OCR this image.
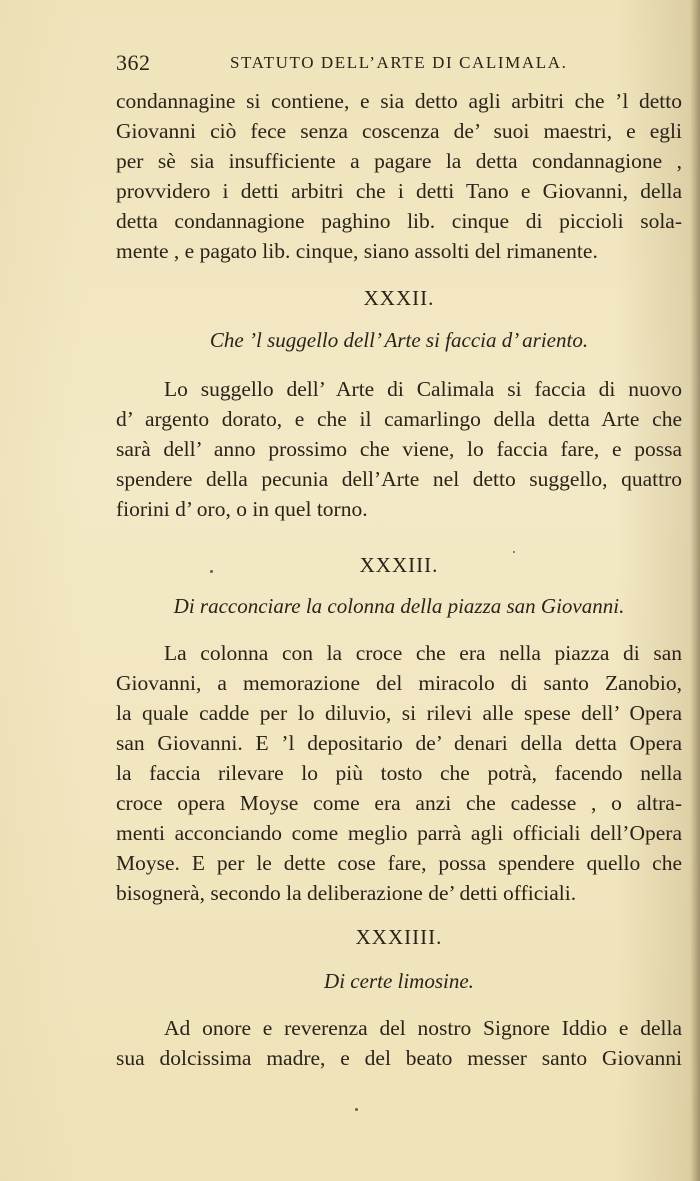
362	STATUTO DELL’ARTE DI CALIMALA.
condannagine si contiene, e sia detto agli arbitri che ’l detto
Giovanni ciò fece senza coscenza de’ suoi maestri, e egli
per sè sia insufficiente a pagare la detta condannagione ,
provvidero i detti arbitri che i detti Tano e Giovanni, della
detta condannagione paghino lib. cinque di piccioli sola-
mente , e pagato lib. cinque, siano assolti del rimanente.
XXXII.
Che ’l suggello dell’ Arte si faccia d’ ariento.
Lo suggello dell’ Arte di Calimala si faccia di nuovo
d’ argento dorato, e che il camarlingo della detta Arte che
sarà dell’ anno prossimo che viene, lo faccia fare, e possa
spendere della pecunia dell’Arte nel detto suggello, quattro
fiorini d’ oro, o in quel torno.
XXXIII.
Di racconciare la colonna della piazza san Giovanni.
La colonna con la croce che era nella piazza di san
Giovanni, a memorazione del miracolo di santo Zanobio,
la quale cadde per lo diluvio, si rilevi alle spese dell’ Opera
san Giovanni. E ’l depositario de’ denari della detta Opera
la faccia rilevare lo più tosto che potrà, facendo nella
croce opera Moyse come era anzi che cadesse , o altra-
menti acconciando come meglio parrà agli officiali dell’Opera
Moyse. E per le dette cose fare, possa spendere quello che
bisognerà, secondo la deliberazione de’ detti officiali.
XXXIIII.
Di certe limosine.
Ad onore e reverenza del nostro Signore Iddio e della
sua dolcissima madre, e del beato messer santo Giovanni
